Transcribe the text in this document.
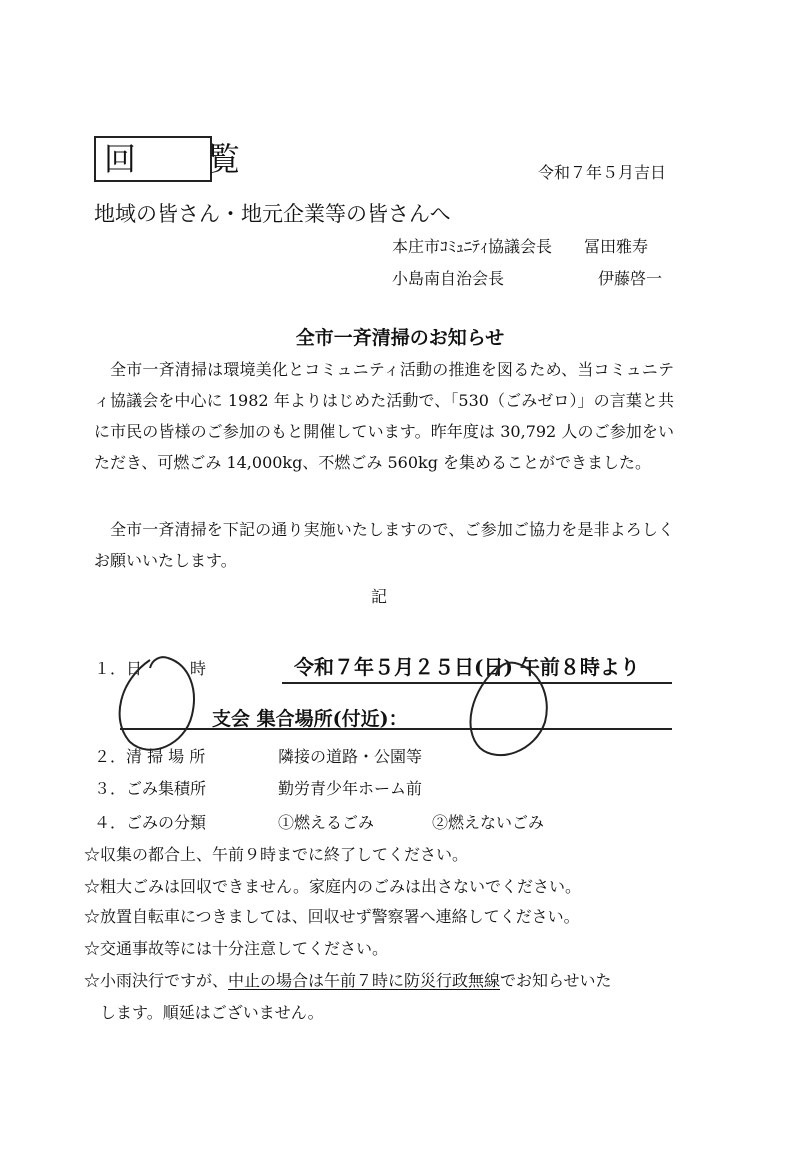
回　覧	令和７年５月吉日
地域の皆さん・地元企業等の皆さんへ
本庄市ｺﾐｭﾆﾃｨ協議会長 冨田雅寿
小島南自治会長	伊藤啓一
全市一斉清掃のお知らせ
全市一斉清掃は環境美化とコミュニティ活動の推進を図るため、当コミュニティ協議会を中心に 1982 年よりはじめた活動で、「530（ごみゼロ）」の言葉と共に市民の皆様のご参加のもと開催しています。昨年度は 30,792 人のご参加をいただき、可燃ごみ 14,000kg、不燃ごみ 560kg を集めることができました。
全市一斉清掃を下記の通り実施いたしますので、ご参加ご協力を是非よろしくお願いいたします。
記
１．日　　　時	令和７年５月２５日(日) 午前８時より
支会 集合場所(付近)：
２．清 掃 場 所	隣接の道路・公園等
３．ごみ集積所	勤労青少年ホーム前
４．ごみの分類	①燃えるごみ	②燃えないごみ
☆収集の都合上、午前９時までに終了してください。
☆粗大ごみは回収できません。家庭内のごみは出さないでください。
☆放置自転車につきましては、回収せず警察署へ連絡してください。
☆交通事故等には十分注意してください。
☆小雨決行ですが、中止の場合は午前７時に防災行政無線でお知らせいた
します。順延はございません。
